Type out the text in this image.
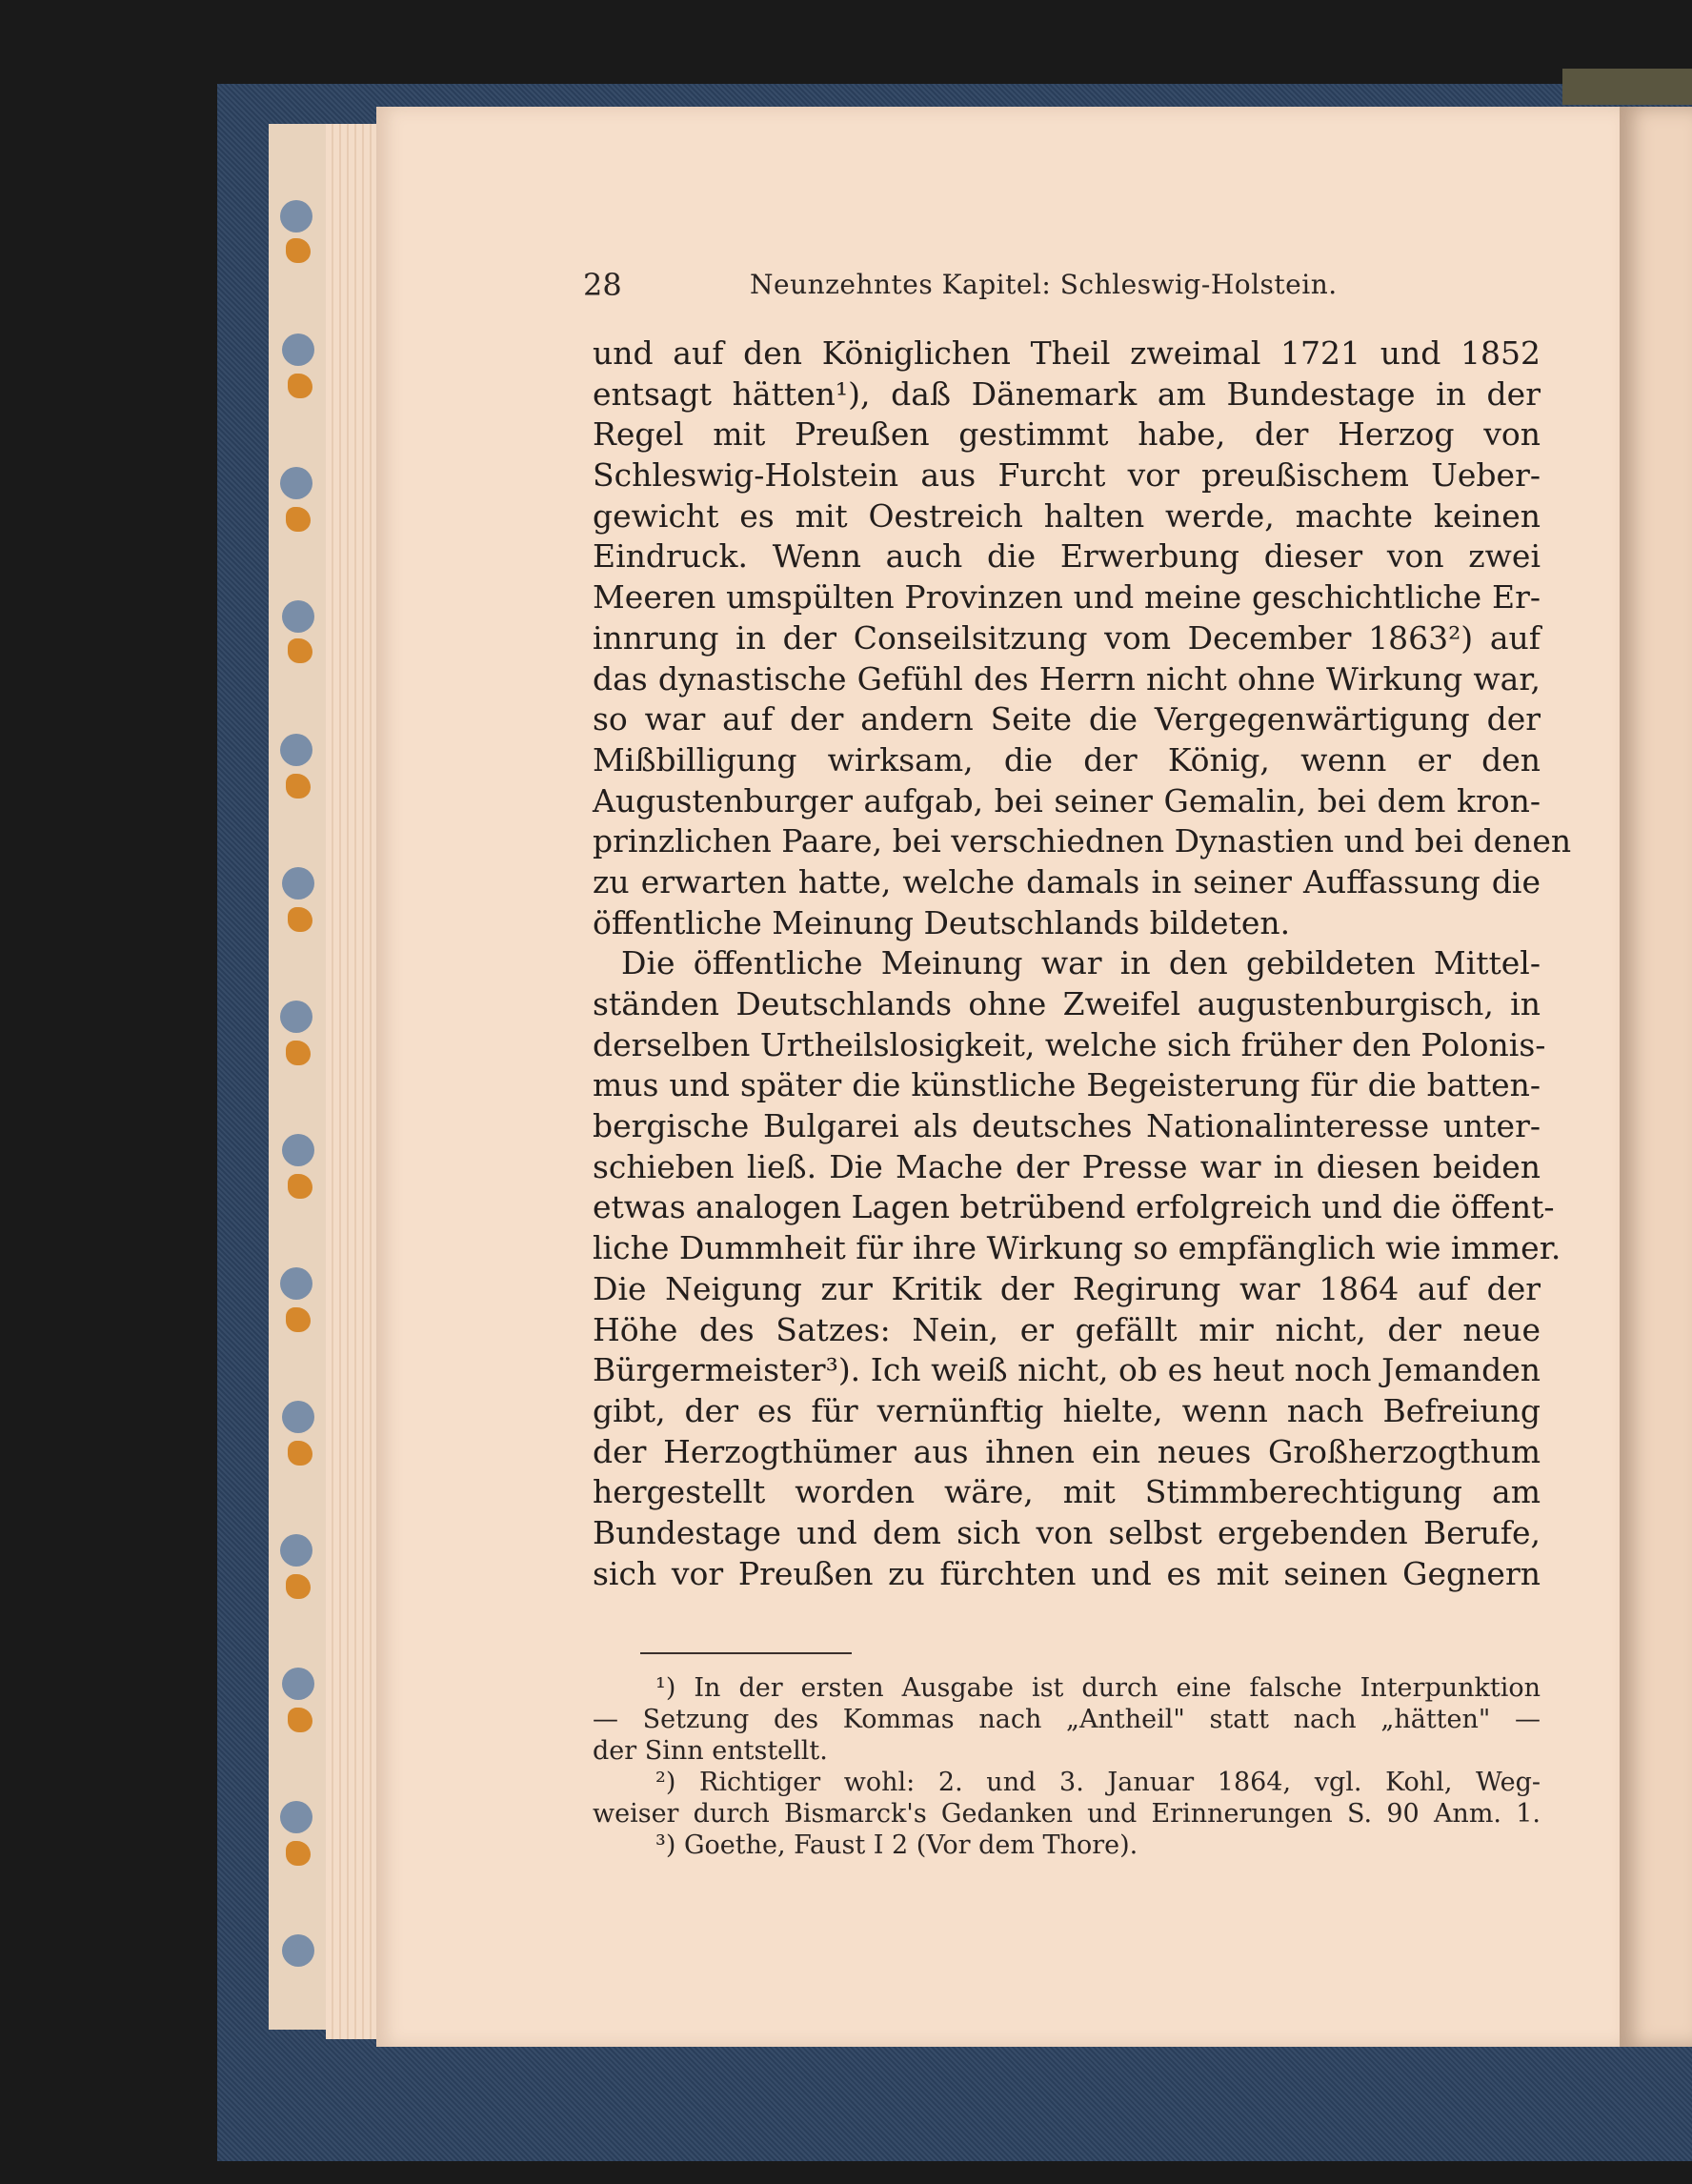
28	Neunzehntes Kapitel: Schleswig-Holstein.
und auf den Königlichen Theil zweimal 1721 und 1852
entsagt hätten¹), daß Dänemark am Bundestage in der
Regel mit Preußen gestimmt habe, der Herzog von
Schleswig-Holstein aus Furcht vor preußischem Ueber-
gewicht es mit Oestreich halten werde, machte keinen
Eindruck. Wenn auch die Erwerbung dieser von zwei
Meeren umspülten Provinzen und meine geschichtliche Er-
innrung in der Conseilsitzung vom December 1863²) auf
das dynastische Gefühl des Herrn nicht ohne Wirkung war,
so war auf der andern Seite die Vergegenwärtigung der
Mißbilligung wirksam, die der König, wenn er den
Augustenburger aufgab, bei seiner Gemalin, bei dem kron-
prinzlichen Paare, bei verschiednen Dynastien und bei denen
zu erwarten hatte, welche damals in seiner Auffassung die
öffentliche Meinung Deutschlands bildeten.
Die öffentliche Meinung war in den gebildeten Mittel-
ständen Deutschlands ohne Zweifel augustenburgisch, in
derselben Urtheilslosigkeit, welche sich früher den Polonis-
mus und später die künstliche Begeisterung für die batten-
bergische Bulgarei als deutsches Nationalinteresse unter-
schieben ließ. Die Mache der Presse war in diesen beiden
etwas analogen Lagen betrübend erfolgreich und die öffent-
liche Dummheit für ihre Wirkung so empfänglich wie immer.
Die Neigung zur Kritik der Regirung war 1864 auf der
Höhe des Satzes: Nein, er gefällt mir nicht, der neue
Bürgermeister³). Ich weiß nicht, ob es heut noch Jemanden
gibt, der es für vernünftig hielte, wenn nach Befreiung
der Herzogthümer aus ihnen ein neues Großherzogthum
hergestellt worden wäre, mit Stimmberechtigung am
Bundestage und dem sich von selbst ergebenden Berufe,
sich vor Preußen zu fürchten und es mit seinen Gegnern
¹) In der ersten Ausgabe ist durch eine falsche Interpunktion
— Setzung des Kommas nach „Antheil" statt nach „hätten" —
der Sinn entstellt.
²) Richtiger wohl: 2. und 3. Januar 1864, vgl. Kohl, Weg-
weiser durch Bismarck's Gedanken und Erinnerungen S. 90 Anm. 1.
³) Goethe, Faust I 2 (Vor dem Thore).
